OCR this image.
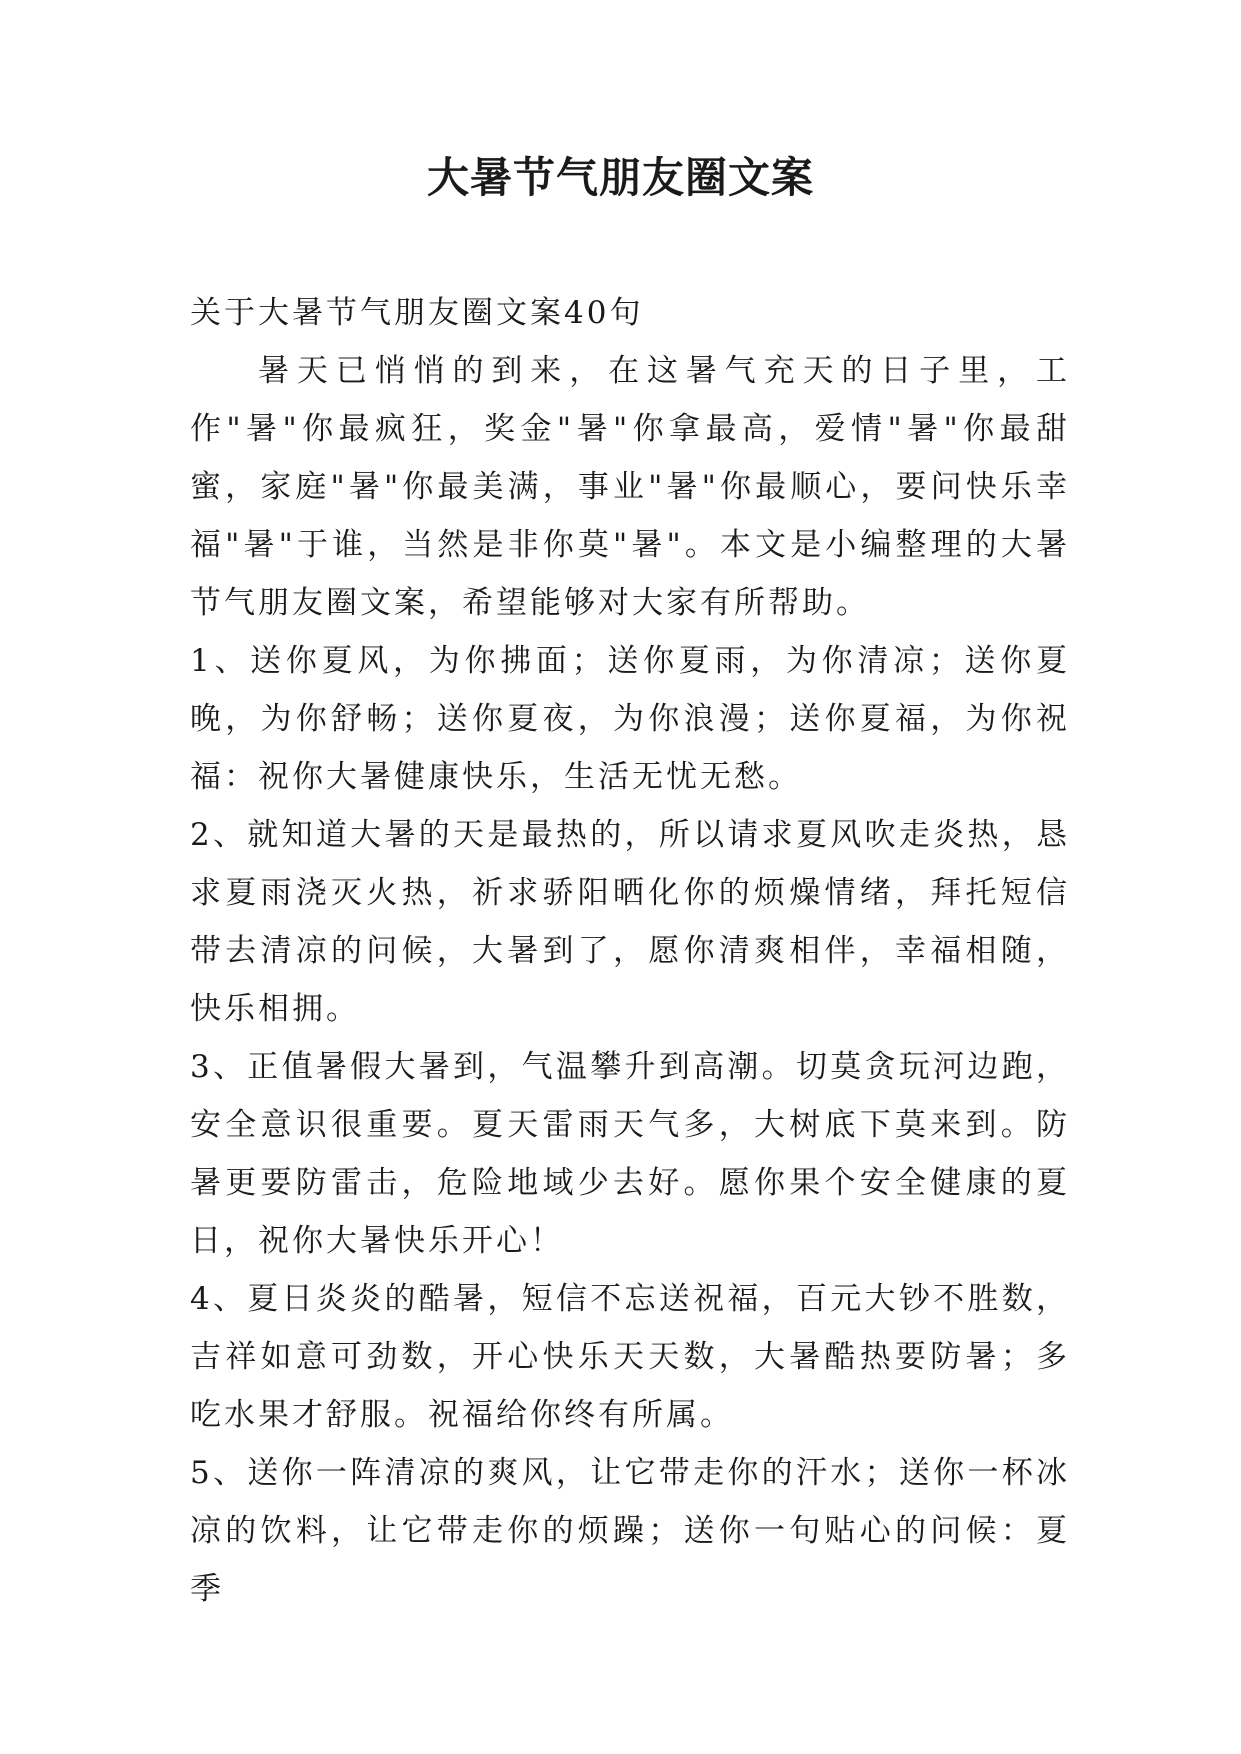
大暑节气朋友圈文案

关于大暑节气朋友圈文案40句

暑天已悄悄的到来，在这暑气充天的日子里，工作"暑"你最疯狂，奖金"暑"你拿最高，爱情"暑"你最甜蜜，家庭"暑"你最美满，事业"暑"你最顺心，要问快乐幸福"暑"于谁，当然是非你莫"暑"。本文是小编整理的大暑节气朋友圈文案，希望能够对大家有所帮助。

1、送你夏风，为你拂面；送你夏雨，为你清凉；送你夏晚，为你舒畅；送你夏夜，为你浪漫；送你夏福，为你祝福：祝你大暑健康快乐，生活无忧无愁。

2、就知道大暑的天是最热的，所以请求夏风吹走炎热，恳求夏雨浇灭火热，祈求骄阳晒化你的烦燥情绪，拜托短信带去清凉的问候，大暑到了，愿你清爽相伴，幸福相随，快乐相拥。

3、正值暑假大暑到，气温攀升到高潮。切莫贪玩河边跑，安全意识很重要。夏天雷雨天气多，大树底下莫来到。防暑更要防雷击，危险地域少去好。愿你果个安全健康的夏日，祝你大暑快乐开心！

4、夏日炎炎的酷暑，短信不忘送祝福，百元大钞不胜数，吉祥如意可劲数，开心快乐天天数，大暑酷热要防暑；多吃水果才舒服。祝福给你终有所属。

5、送你一阵清凉的爽风，让它带走你的汗水；送你一杯冰凉的饮料，让它带走你的烦躁；送你一句贴心的问候：夏季
